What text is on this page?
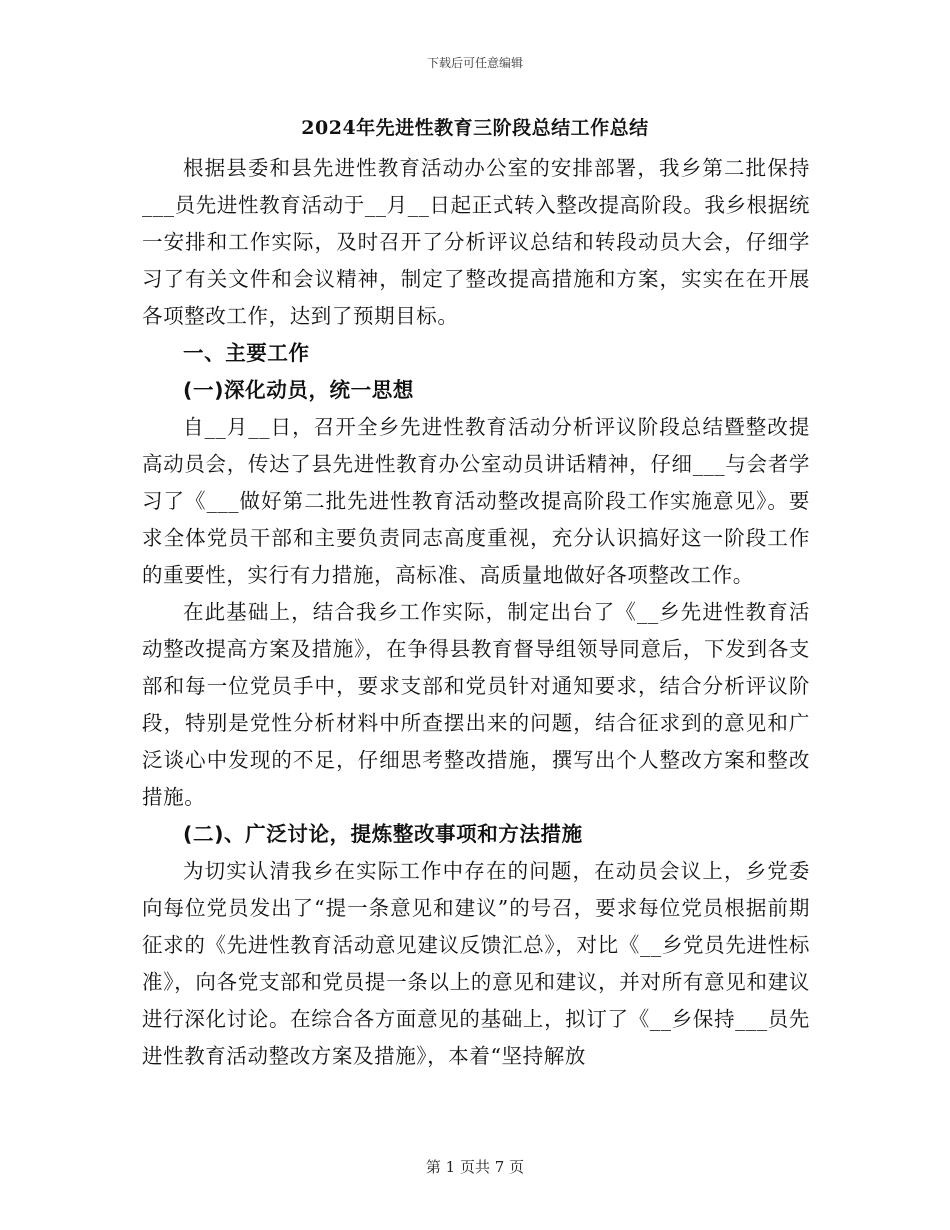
下载后可任意编辑
2024年先进性教育三阶段总结工作总结

根据县委和县先进性教育活动办公室的安排部署，我乡第二批保持___员先进性教育活动于__月__日起正式转入整改提高阶段。我乡根据统一安排和工作实际，及时召开了分析评议总结和转段动员大会，仔细学习了有关文件和会议精神，制定了整改提高措施和方案，实实在在开展各项整改工作，达到了预期目标。

一、主要工作

(一)深化动员，统一思想

自__月__日，召开全乡先进性教育活动分析评议阶段总结暨整改提高动员会，传达了县先进性教育办公室动员讲话精神，仔细___与会者学习了《___做好第二批先进性教育活动整改提高阶段工作实施意见》。要求全体党员干部和主要负责同志高度重视，充分认识搞好这一阶段工作的重要性，实行有力措施，高标准、高质量地做好各项整改工作。

在此基础上，结合我乡工作实际，制定出台了《__乡先进性教育活动整改提高方案及措施》，在争得县教育督导组领导同意后，下发到各支部和每一位党员手中，要求支部和党员针对通知要求，结合分析评议阶段，特别是党性分析材料中所查摆出来的问题，结合征求到的意见和广泛谈心中发现的不足，仔细思考整改措施，撰写出个人整改方案和整改措施。

(二)、广泛讨论，提炼整改事项和方法措施

为切实认清我乡在实际工作中存在的问题，在动员会议上，乡党委向每位党员发出了“提一条意见和建议”的号召，要求每位党员根据前期征求的《先进性教育活动意见建议反馈汇总》，对比《__乡党员先进性标准》，向各党支部和党员提一条以上的意见和建议，并对所有意见和建议进行深化讨论。在综合各方面意见的基础上，拟订了《__乡保持___员先进性教育活动整改方案及措施》，本着“坚持解放

第 1 页共 7 页
